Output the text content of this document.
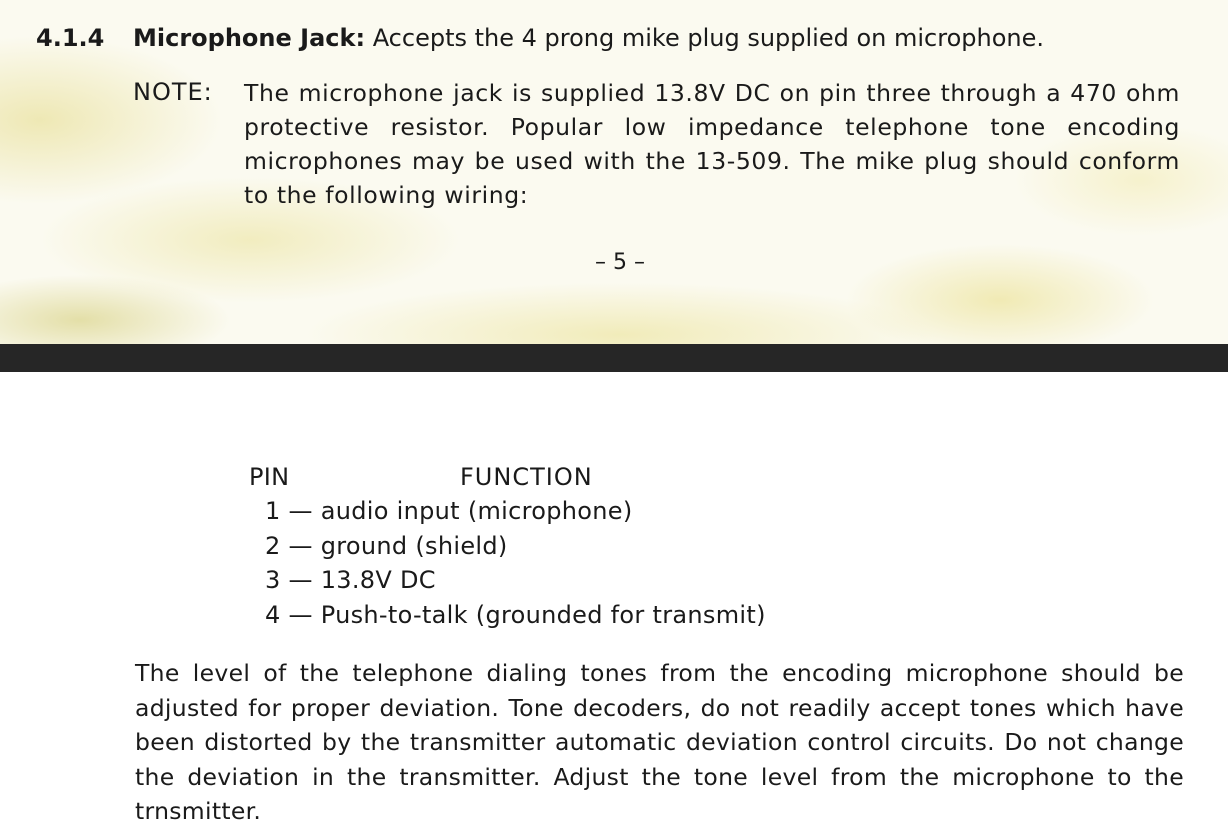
4.1.4 Microphone Jack: Accepts the 4 prong mike plug supplied on microphone.
NOTE: The microphone jack is supplied 13.8V DC on pin three through a 470 ohm protective resistor. Popular low impedance telephone tone encoding microphones may be used with the 13-509. The mike plug should conform to the following wiring:
– 5 –
PIN	FUNCTION
1 — audio input (microphone)
2 — ground (shield)
3 — 13.8V DC
4 — Push-to-talk (grounded for transmit)
The level of the telephone dialing tones from the encoding microphone should be adjusted for proper deviation. Tone decoders, do not readily accept tones which have been distorted by the transmitter automatic deviation control circuits. Do not change the deviation in the transmitter. Adjust the tone level from the microphone to the trnsmitter.
